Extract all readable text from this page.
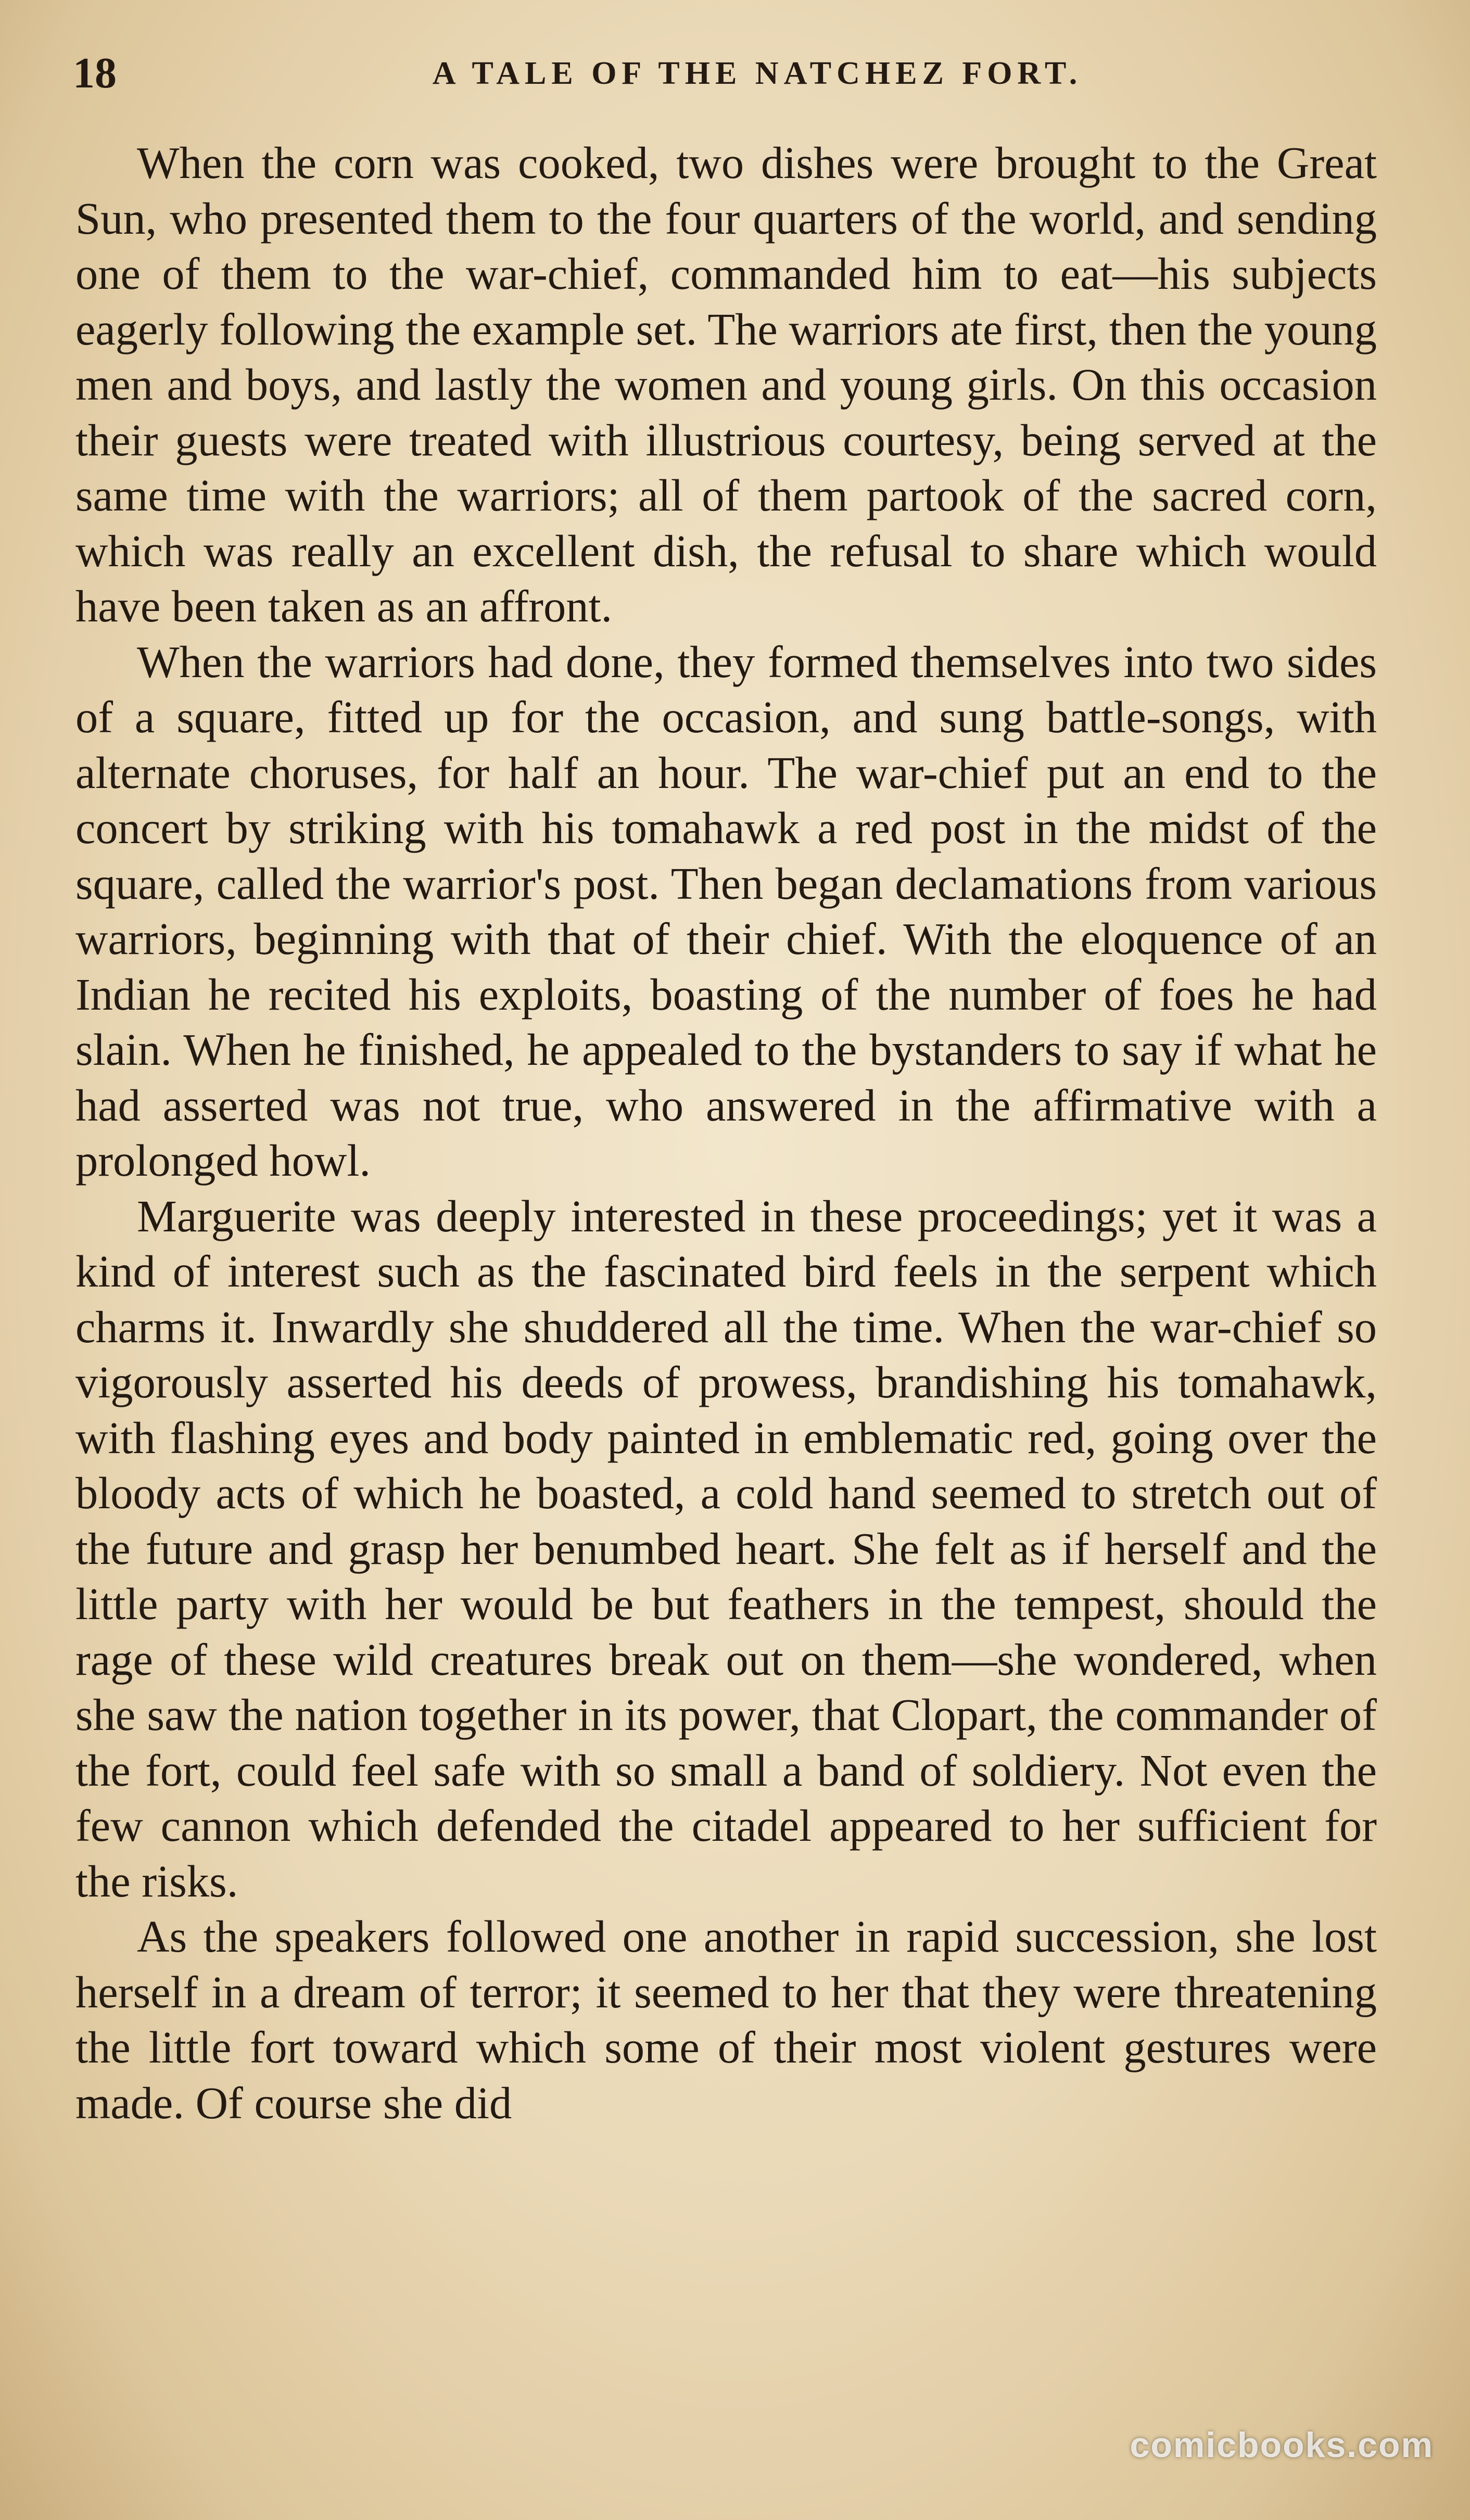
18	A TALE OF THE NATCHEZ FORT.

When the corn was cooked, two dishes were brought to the Great Sun, who presented them to the four quarters of the world, and sending one of them to the war-chief, commanded him to eat—his subjects eagerly following the example set. The warriors ate first, then the young men and boys, and lastly the women and young girls. On this occasion their guests were treated with illustrious courtesy, being served at the same time with the warriors; all of them partook of the sacred corn, which was really an excellent dish, the refusal to share which would have been taken as an affront.

When the warriors had done, they formed themselves into two sides of a square, fitted up for the occasion, and sung battle-songs, with alternate choruses, for half an hour. The war-chief put an end to the concert by striking with his tomahawk a red post in the midst of the square, called the warrior's post. Then began declamations from various warriors, beginning with that of their chief. With the eloquence of an Indian he recited his exploits, boasting of the number of foes he had slain. When he finished, he appealed to the bystanders to say if what he had asserted was not true, who answered in the affirmative with a prolonged howl.

Marguerite was deeply interested in these proceedings; yet it was a kind of interest such as the fascinated bird feels in the serpent which charms it. Inwardly she shuddered all the time. When the war-chief so vigorously asserted his deeds of prowess, brandishing his tomahawk, with flashing eyes and body painted in emblematic red, going over the bloody acts of which he boasted, a cold hand seemed to stretch out of the future and grasp her benumbed heart. She felt as if herself and the little party with her would be but feathers in the tempest, should the rage of these wild creatures break out on them—she wondered, when she saw the nation together in its power, that Clopart, the commander of the fort, could feel safe with so small a band of soldiery. Not even the few cannon which defended the citadel appeared to her sufficient for the risks.

As the speakers followed one another in rapid succession, she lost herself in a dream of terror; it seemed to her that they were threatening the little fort toward which some of their most violent gestures were made. Of course she did

comicbooks.com
